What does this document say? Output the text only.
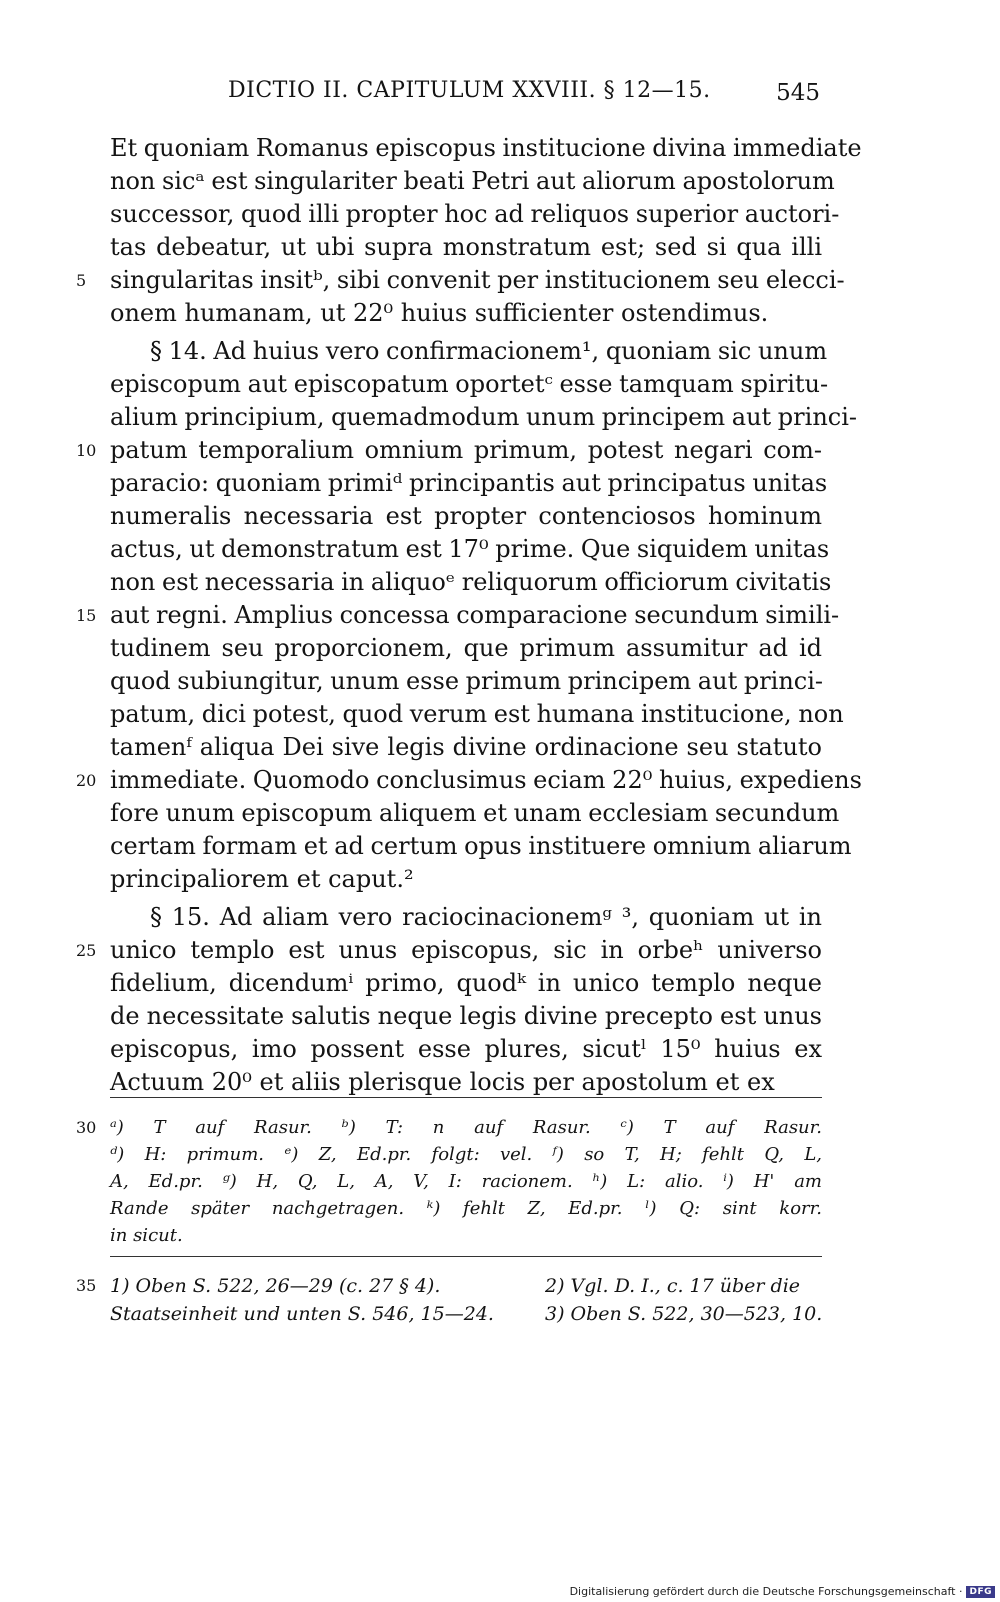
DICTIO II. CAPITULUM XXVIII. § 12—15.	545
Et quoniam Romanus episcopus institucione divina immediate
non sicᵃ est singulariter beati Petri aut aliorum apostolorum
successor, quod illi propter hoc ad reliquos superior auctori-
tas debeatur, ut ubi supra monstratum est; sed si qua illi
5 singularitas insitᵇ, sibi convenit per institucionem seu elecci-
onem humanam, ut 22⁰ huius sufficienter ostendimus.
§ 14. Ad huius vero confirmacionem¹, quoniam sic unum
episcopum aut episcopatum oportetᶜ esse tamquam spiritu-
alium principium, quemadmodum unum principem aut princi-
10 patum temporalium omnium primum, potest negari com-
paracio: quoniam primiᵈ principantis aut principatus unitas
numeralis necessaria est propter contenciosos hominum
actus, ut demonstratum est 17⁰ prime. Que siquidem unitas
non est necessaria in aliquoᵉ reliquorum officiorum civitatis
15 aut regni. Amplius concessa comparacione secundum simili-
tudinem seu proporcionem, que primum assumitur ad id
quod subiungitur, unum esse primum principem aut princi-
patum, dici potest, quod verum est humana institucione, non
tamenᶠ aliqua Dei sive legis divine ordinacione seu statuto
20 immediate. Quomodo conclusimus eciam 22⁰ huius, expediens
fore unum episcopum aliquem et unam ecclesiam secundum
certam formam et ad certum opus instituere omnium aliarum
principaliorem et caput.²
§ 15. Ad aliam vero raciocinacionemᵍ ³, quoniam ut in
25 unico templo est unus episcopus, sic in orbeʰ universo
fidelium, dicendumⁱ primo, quodᵏ in unico templo neque
de necessitate salutis neque legis divine precepto est unus
episcopus, imo possent esse plures, sicutˡ 15⁰ huius ex
Actuum 20⁰ et aliis plerisque locis per apostolum et ex
30 ᵃ) T auf Rasur. ᵇ) T: n auf Rasur. ᶜ) T auf Rasur.
ᵈ) H: primum. ᵉ) Z, Ed.pr. folgt: vel. ᶠ) so T, H; fehlt Q, L,
A, Ed.pr. ᵍ) H, Q, L, A, V, I: racionem. ʰ) L: alio. ⁱ) H' am
Rande später nachgetragen. ᵏ) fehlt Z, Ed.pr. ˡ) Q: sint korr.
in sicut.
35 1) Oben S. 522, 26—29 (c. 27 § 4).	2) Vgl. D. I., c. 17 über die
Staatseinheit und unten S. 546, 15—24.	3) Oben S. 522, 30—523, 10.
Digitalisierung gefördert durch die Deutsche Forschungsgemeinschaft · DFG
